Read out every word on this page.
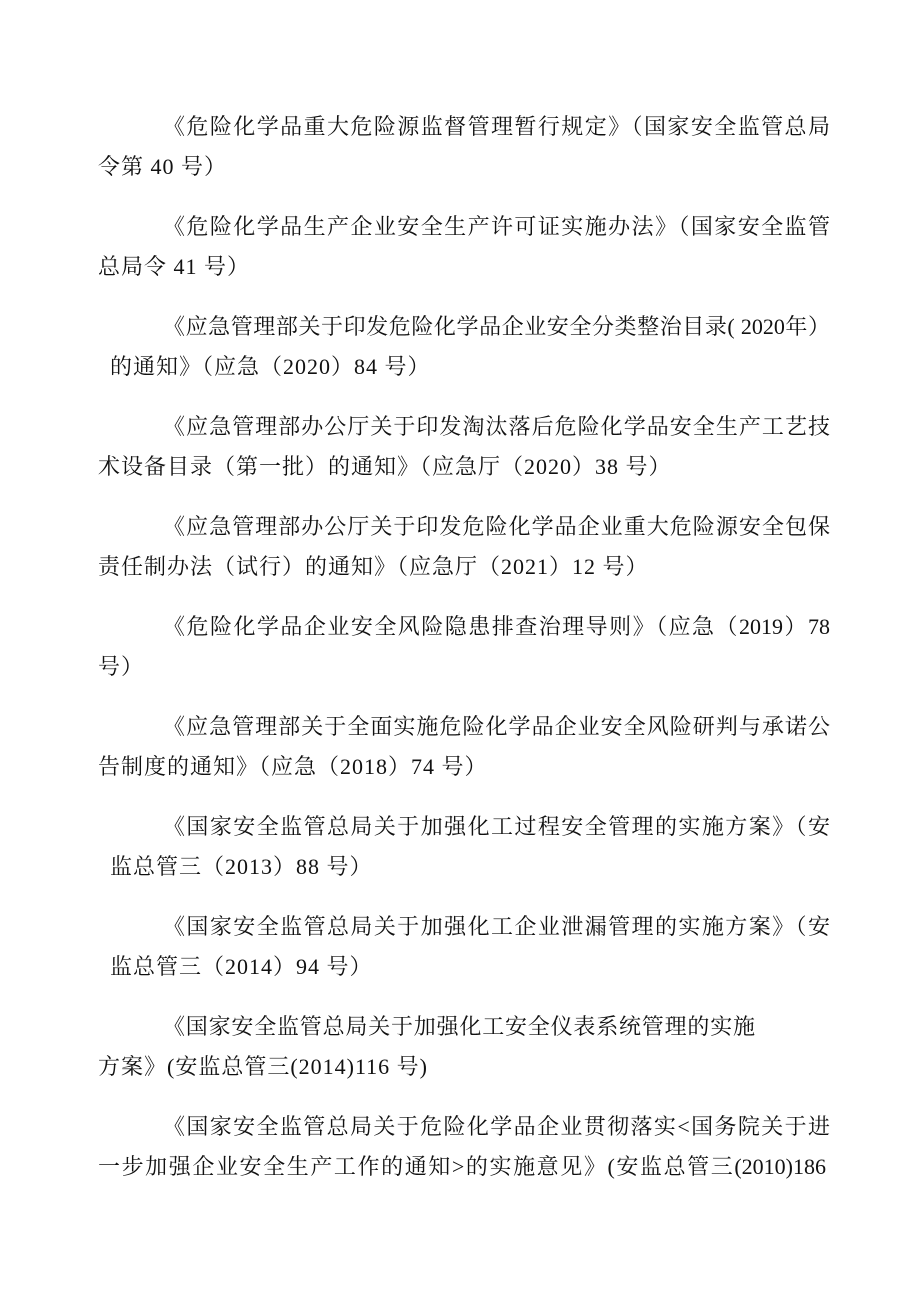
《危险化学品重大危险源监督管理暂行规定》（国家安全监管总局
令第 40 号）
《危险化学品生产企业安全生产许可证实施办法》（国家安全监管
总局令 41 号）
《应急管理部关于印发危险化学品企业安全分类整治目录( 2020年）
的通知》（应急（2020）84 号）
《应急管理部办公厅关于印发淘汰落后危险化学品安全生产工艺技
术设备目录（第一批）的通知》（应急厅（2020）38 号）
《应急管理部办公厅关于印发危险化学品企业重大危险源安全包保
责任制办法（试行）的通知》（应急厅（2021）12 号）
《危险化学品企业安全风险隐患排查治理导则》（应急（2019）78
号）
《应急管理部关于全面实施危险化学品企业安全风险研判与承诺公
告制度的通知》（应急（2018）74 号）
《国家安全监管总局关于加强化工过程安全管理的实施方案》（安
监总管三（2013）88 号）
《国家安全监管总局关于加强化工企业泄漏管理的实施方案》（安
监总管三（2014）94 号）
《国家安全监管总局关于加强化工安全仪表系统管理的实施
方案》(安监总管三(2014)116 号)
《国家安全监管总局关于危险化学品企业贯彻落实<国务院关于进
一步加强企业安全生产工作的通知>的实施意见》(安监总管三(2010)186
